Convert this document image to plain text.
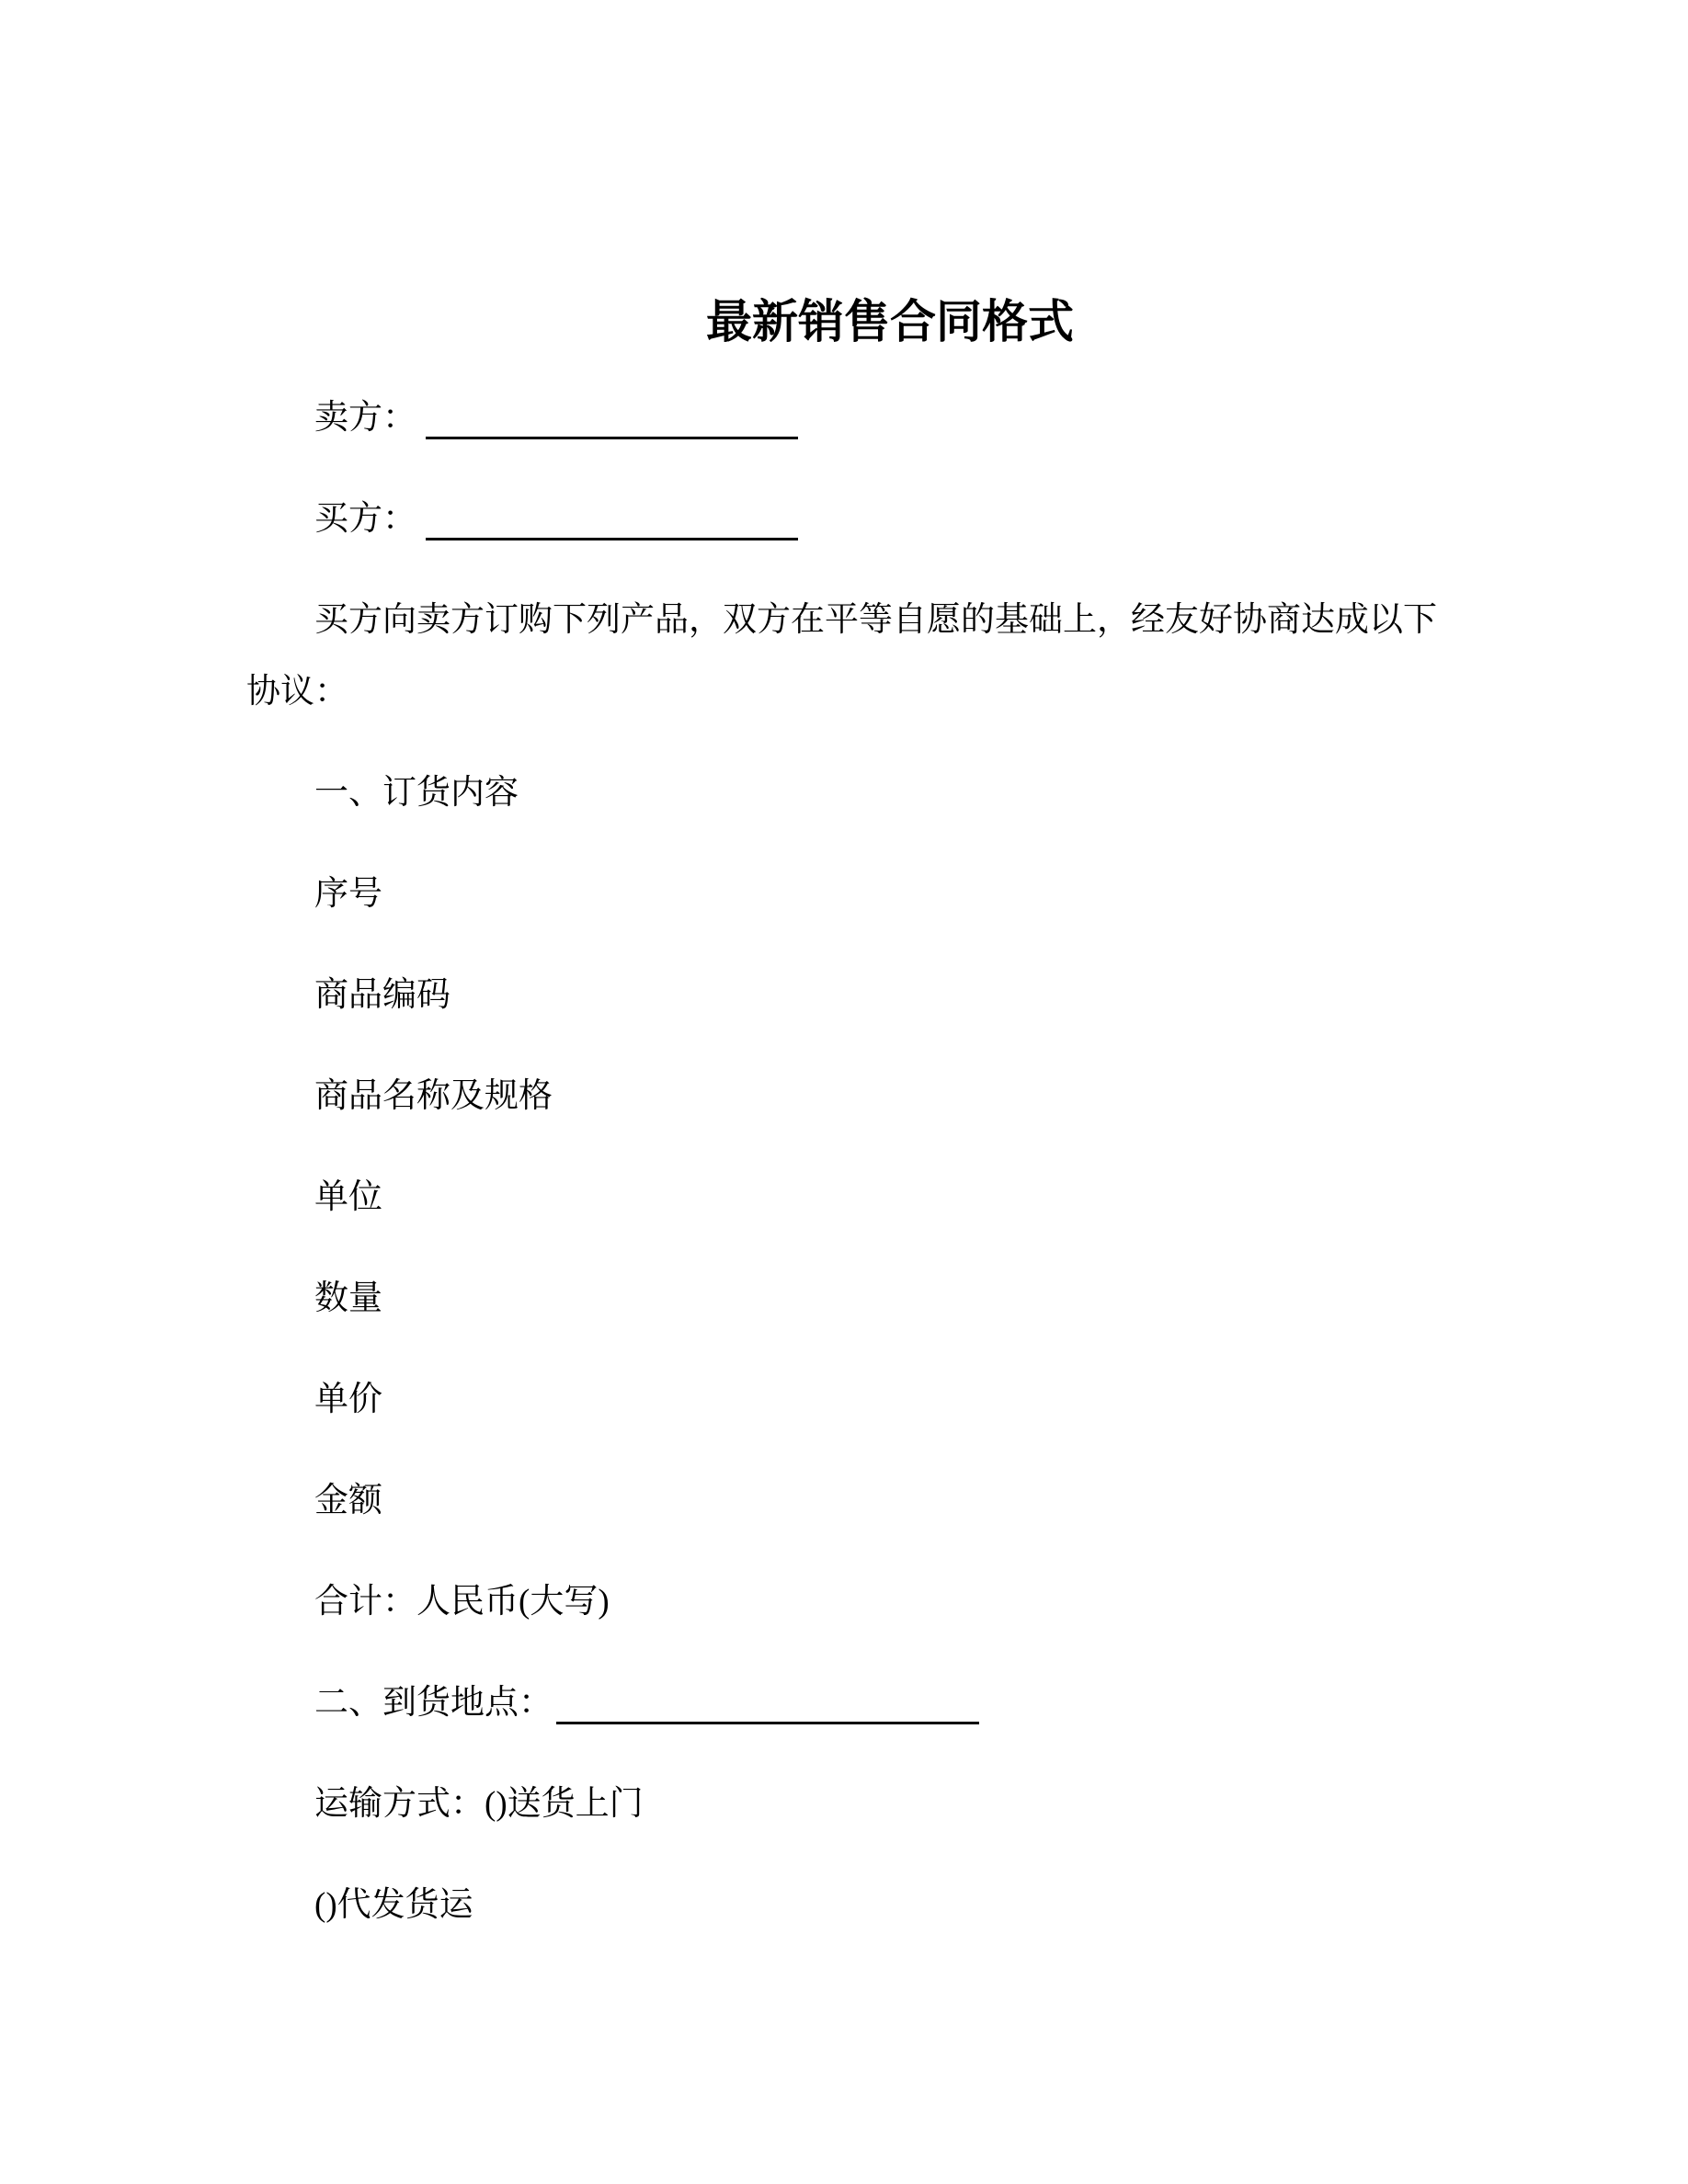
最新销售合同格式

卖方：

买方：

买方向卖方订购下列产品，双方在平等自愿的基础上，经友好协商达成以下协议：

一、订货内容

序号

商品编码

商品名称及规格

单位

数量

单价

金额

合计：人民币(大写)

二、到货地点：

运输方式：()送货上门

()代发货运
